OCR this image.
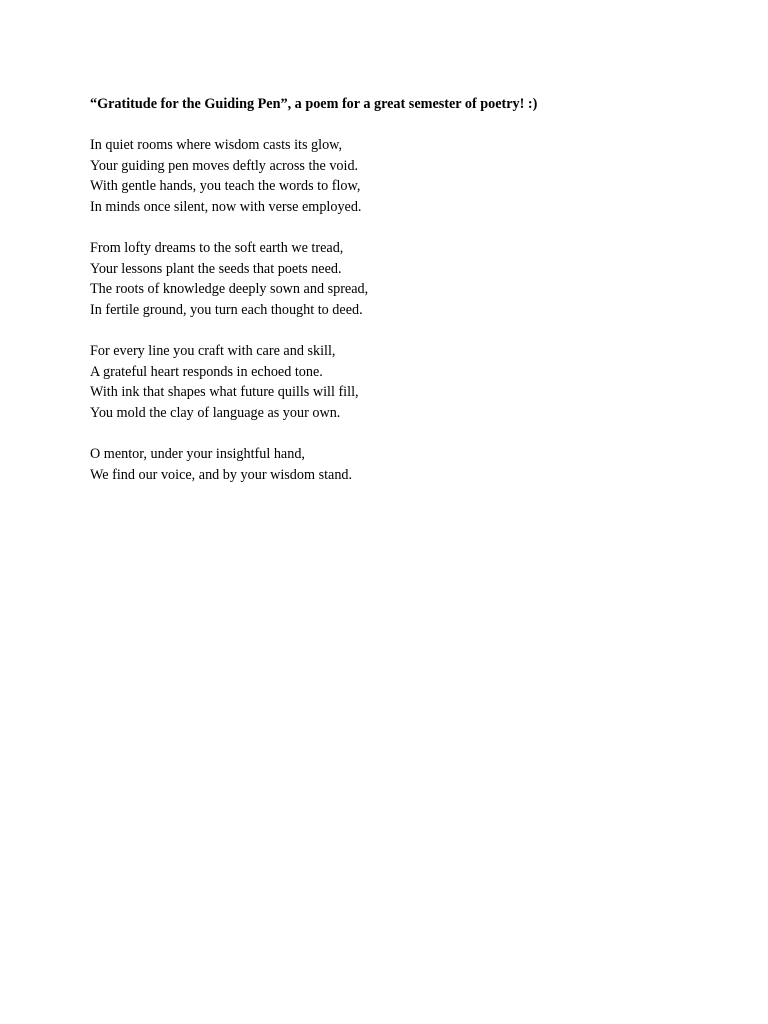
“Gratitude for the Guiding Pen”, a poem for a great semester of poetry! :)
In quiet rooms where wisdom casts its glow,
Your guiding pen moves deftly across the void.
With gentle hands, you teach the words to flow,
In minds once silent, now with verse employed.
From lofty dreams to the soft earth we tread,
Your lessons plant the seeds that poets need.
The roots of knowledge deeply sown and spread,
In fertile ground, you turn each thought to deed.
For every line you craft with care and skill,
A grateful heart responds in echoed tone.
With ink that shapes what future quills will fill,
You mold the clay of language as your own.
O mentor, under your insightful hand,
We find our voice, and by your wisdom stand.
